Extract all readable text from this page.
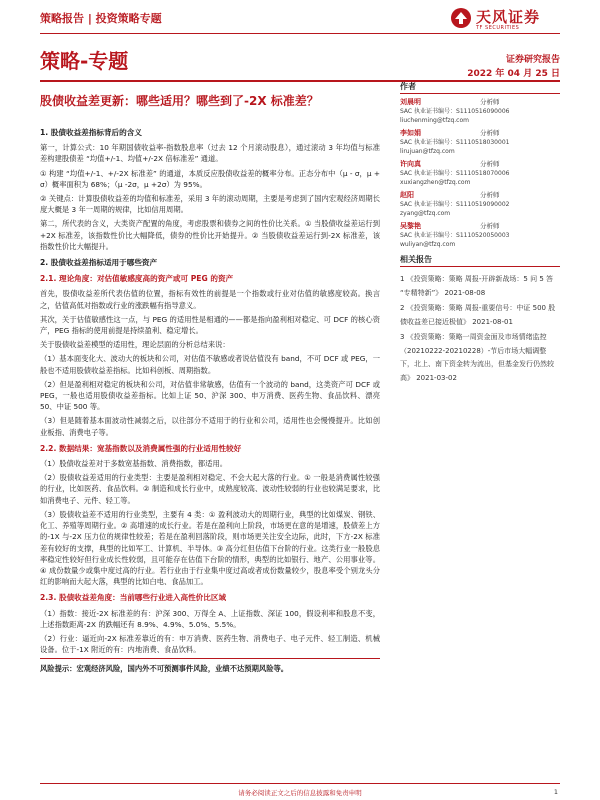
策略报告 | 投资策略专题	天风证券
TF SECURITIES
策略-专题	证券研究报告
2022 年 04 月 25 日
股债收益差更新：哪些适用？哪些到了-2X 标准差？
1. 股债收益差指标背后的含义

第一，计算公式：10 年期国债收益率-指数股息率（过去 12 个月滚动股息），通过滚动 3 年均值与标准差构建股债差 “均值+/-1、均值+/-2X 倍标准差” 通道。

① 构建 “均值+/-1、+/-2X 标准差” 的通道，本质反应股债收益差的概率分布。正态分布中（μ - σ，μ + σ）概率面积为 68%；（μ -2σ，μ +2σ）为 95%。

② 关键点：计算股债收益差的均值和标准差，采用 3 年的滚动周期，主要是考虑到了国内宏观经济周期长度大概是 3 年一周期的规律，比如信用周期。

第二，所代表的含义，大类资产配置的角度，考虑股票和债券之间的性价比关系。① 当股债收益差运行到+2X 标准差，该指数性价比大幅降低，债券的性价比开始提升。② 当股债收益差运行到-2X 标准差，该指数性价比大幅提升。

2. 股债收益差指标适用于哪些资产
2.1. 理论角度：对估值敏感度高的资产或可 PEG 的资产

首先，股债收益差所代表估值的位置，指标有效性的前提是一个指数或行业对估值的敏感度较高。换言之，估值高低对指数或行业的涨跌幅有指导意义。

其次，关于估值敏感性这一点，与 PEG 的适用性是相通的——都是指向盈利相对稳定、可 DCF 的核心资产，PEG 指标的使用前提是持续盈利、稳定增长。

关于股债收益差模型的适用性，理论层面的分析总结来说：

（1）基本面变化大、波动大的板块和公司，对估值不敏感或者说估值没有 band，不可 DCF 或 PEG，一般也不适用股债收益差指标。比如科创板、周期指数。

（2）但是盈利相对稳定的板块和公司，对估值非常敏感，估值有一个波动的 band，这类资产可 DCF 或 PEG，一般也适用股债收益差指标。比如上证 50、沪深 300、申万消费、医药生物、食品饮料、漂亮 50、中证 500 等。

（3）但是随着基本面波动性减弱之后，以往部分不适用于的行业和公司，适用性也会慢慢提升。比如创业板指、消费电子等。

2.2. 数据结果：宽基指数以及消费属性强的行业适用性较好

（1）股债收益差对于多数宽基指数、消费指数，都适用。

（2）股债收益差适用的行业类型：主要是盈利相对稳定、不会大起大落的行业。① 一般是消费属性较强的行业，比如医药、食品饮料。② 制造和成长行业中，成熟度较高、波动性较弱的行业也较满足要求，比如消费电子、元件、轻工等。

（3）股债收益差不适用的行业类型，主要有 4 类：① 盈利波动大的周期行业，典型的比如煤炭、钢铁、化工、养殖等周期行业。② 高增速的成长行业。若是在盈利向上阶段，市场更在意的是增速，股债差上方的-1X 与-2X 压力位的规律性较差；若是在盈利回落阶段，则市场更关注安全边际，此时，下方-2X 标准差有较好的支撑，典型的比如军工、计算机、半导体。③ 高分红但估值下台阶的行业。这类行业一般股息率稳定性较好但行业成长性较弱，且可能存在估值下台阶的情形，典型的比如银行、地产、公用事业等。④ 成份数量少或集中度过高的行业。若行业由于行业集中度过高或者成份数量较少，股息率受个别龙头分红的影响而大起大落，典型的比如白电、食品加工。

2.3. 股债收益差角度：当前哪些行业进入高性价比区域

（1）指数：接近-2X 标准差的有：沪深 300、万得全 A、上证指数、深证 100，假设利率和股息不变，上述指数距离-2X 的跌幅还有 8.9%、4.9%、5.0%、5.5%。

（2）行业：逼近向-2X 标准差靠近的有：申万消费、医药生物、消费电子、电子元件、轻工制造、机械设备。位于-1X 附近的有：内地消费、食品饮料。

风险提示：宏观经济风险，国内外不可预测事件风险，业绩不达预期风险等。

作者
刘晨明	分析师
SAC 执业证书编号：S1110516090006
liuchenming@tfzq.com
李如娟	分析师
SAC 执业证书编号：S1110518030001
lirujuan@tfzq.com
许向真	分析师
SAC 执业证书编号：S1110518070006
xuxiangzhen@tfzq.com
赵阳	分析师
SAC 执业证书编号：S1110519090002
zyang@tfzq.com
吴黎艳	分析师
SAC 执业证书编号：S1110520050003
wuliyan@tfzq.com
相关报告
1 《投资策略：策略 周报-开辟新战场：5 问 5 答 “专精特新”》 2021-08-08
2 《投资策略：策略 周报-重要信号：中证 500 股债收益差已接近极值》 2021-08-01
3 《投资策略：策略一周资金面及市场情绪监控（20210222-20210228）-节后市场大幅调整下，北上、南下资金转为流出，但基金发行仍然较高》 2021-03-02
请务必阅读正文之后的信息披露和免责申明	1
